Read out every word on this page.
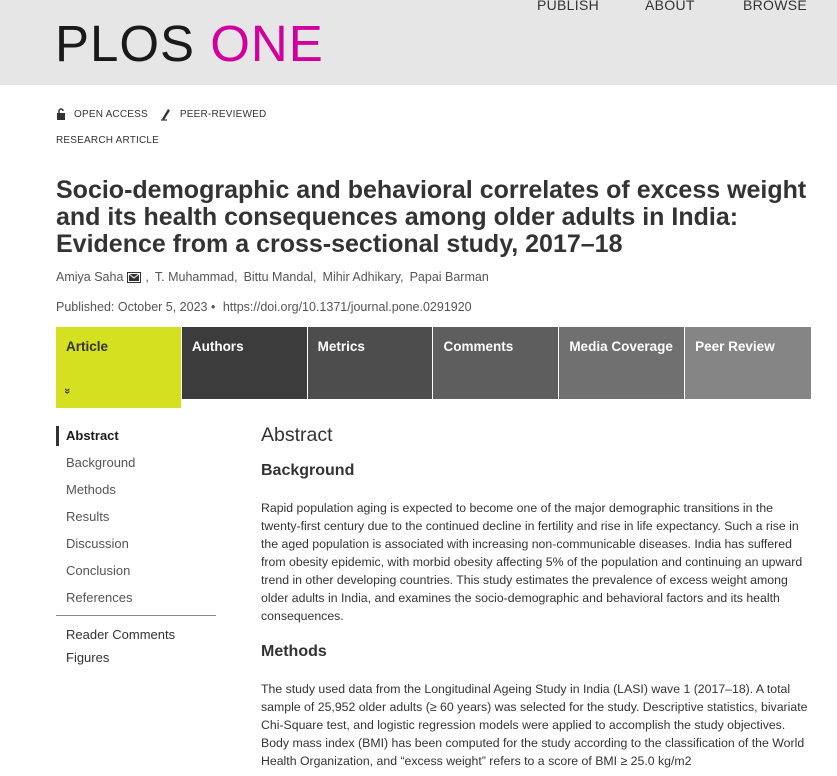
PLOS ONE
PUBLISH	ABOUT	BROWSE
OPEN ACCESS	PEER-REVIEWED
RESEARCH ARTICLE
Socio-demographic and behavioral correlates of excess weight and its health consequences among older adults in India: Evidence from a cross-sectional study, 2017–18
Amiya Saha , T. Muhammad, Bittu Mandal, Mihir Adhikary, Papai Barman
Published: October 5, 2023 • https://doi.org/10.1371/journal.pone.0291920
Article
»
Authors	Metrics	Comments	Media Coverage	Peer Review
Abstract
Background
Methods
Results
Discussion
Conclusion
References
Reader Comments
Figures
Abstract
Background

Rapid population aging is expected to become one of the major demographic transitions in the twenty-first century due to the continued decline in fertility and rise in life expectancy. Such a rise in the aged population is associated with increasing non-communicable diseases. India has suffered from obesity epidemic, with morbid obesity affecting 5% of the population and continuing an upward trend in other developing countries. This study estimates the prevalence of excess weight among older adults in India, and examines the socio-demographic and behavioral factors and its health consequences.

Methods

The study used data from the Longitudinal Ageing Study in India (LASI) wave 1 (2017–18). A total sample of 25,952 older adults (≥ 60 years) was selected for the study. Descriptive statistics, bivariate Chi-Square test, and logistic regression models were applied to accomplish the study objectives. Body mass index (BMI) has been computed for the study according to the classification of the World Health Organization, and “excess weight” refers to a score of BMI ≥ 25.0 kg/m2
